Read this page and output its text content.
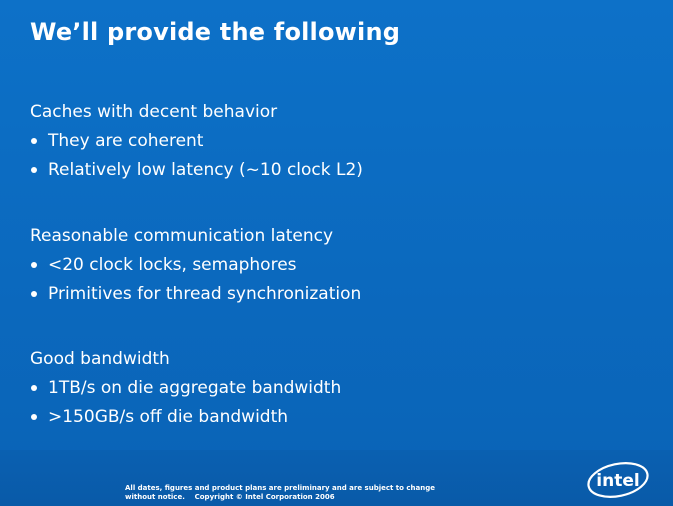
We’ll provide the following
Caches with decent behavior
They are coherent
Relatively low latency (~10 clock L2)
Reasonable communication latency
<20 clock locks, semaphores
Primitives for thread synchronization
Good bandwidth
1TB/s on die aggregate bandwidth
>150GB/s off die bandwidth
All dates, figures and product plans are preliminary and are subject to change
without notice.    Copyright © Intel Corporation 2006
intel
